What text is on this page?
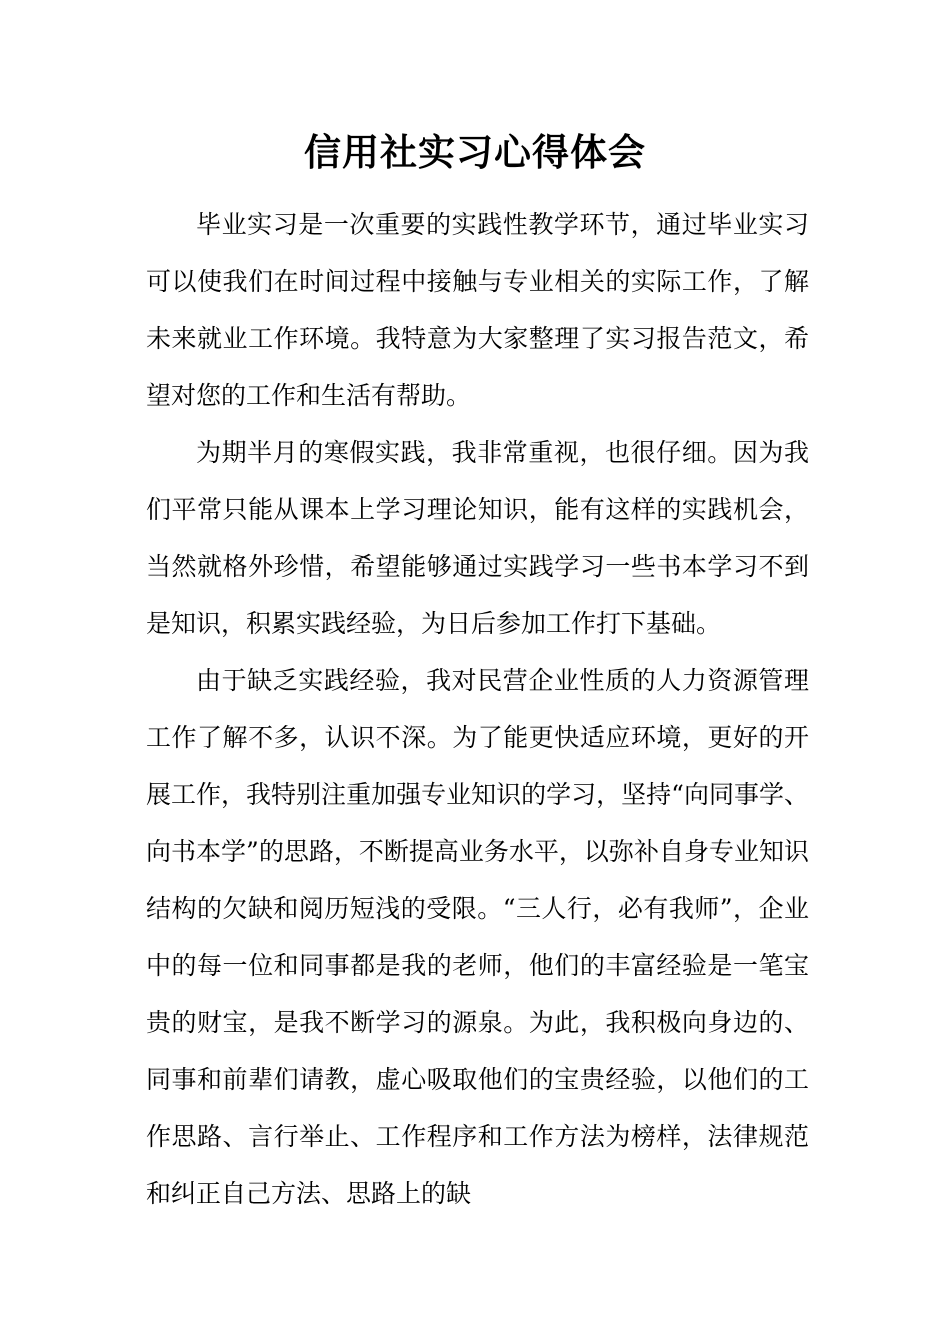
信用社实习心得体会

毕业实习是一次重要的实践性教学环节，通过毕业实习可以使我们在时间过程中接触与专业相关的实际工作，了解未来就业工作环境。我特意为大家整理了实习报告范文，希望对您的工作和生活有帮助。

为期半月的寒假实践，我非常重视，也很仔细。因为我们平常只能从课本上学习理论知识，能有这样的实践机会，当然就格外珍惜，希望能够通过实践学习一些书本学习不到是知识，积累实践经验，为日后参加工作打下基础。

由于缺乏实践经验，我对民营企业性质的人力资源管理工作了解不多，认识不深。为了能更快适应环境，更好的开展工作，我特别注重加强专业知识的学习，坚持“向同事学、向书本学”的思路，不断提高业务水平，以弥补自身专业知识结构的欠缺和阅历短浅的受限。“三人行，必有我师”，企业中的每一位和同事都是我的老师，他们的丰富经验是一笔宝贵的财宝，是我不断学习的源泉。为此，我积极向身边的、同事和前辈们请教，虚心吸取他们的宝贵经验，以他们的工作思路、言行举止、工作程序和工作方法为榜样，法律规范和纠正自己方法、思路上的缺
